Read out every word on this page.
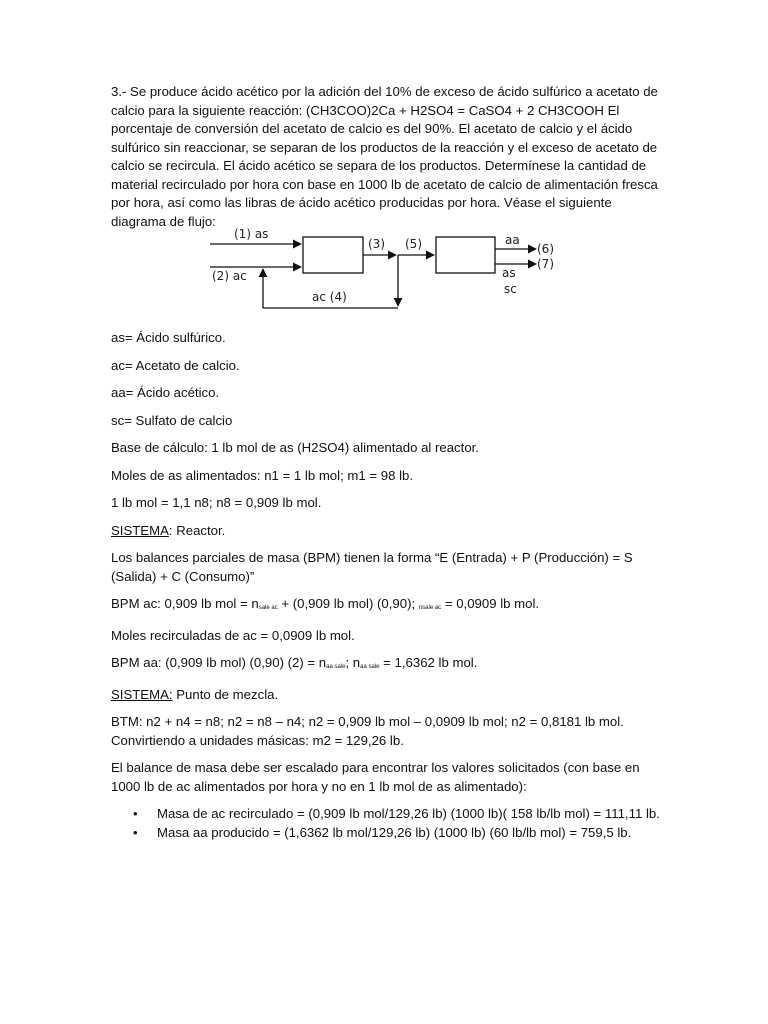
3.- Se produce ácido acético por la adición del 10% de exceso de ácido sulfúrico a acetato de calcio para la siguiente reacción: (CH3COO)2Ca + H2SO4 = CaSO4 + 2 CH3COOH El porcentaje de conversión del acetato de calcio es del 90%. El acetato de calcio y el ácido sulfúrico sin reaccionar, se separan de los productos de la reacción y el exceso de acetato de calcio se recircula. El ácido acético se separa de los productos. Determínese la cantidad de material recirculado por hora con base en 1000 lb de acetato de calcio de alimentación fresca por hora, así como las libras de ácido acético producidas por hora. Véase el siguiente diagrama de flujo:

(1) as
(2) ac
(3) (5)
ac (4)
aa
(6)
(7)
as
sc

as= Ácido sulfúrico.

ac= Acetato de calcio.

aa= Ácido acético.

sc= Sulfato de calcio

Base de cálculo: 1 lb mol de as (H2SO4) alimentado al reactor.

Moles de as alimentados: n1 = 1 lb mol; m1 = 98 lb.

1 lb mol = 1,1 n8; n8 = 0,909 lb mol.

SISTEMA: Reactor.

Los balances parciales de masa (BPM) tienen la forma “E (Entrada) + P (Producción) = S (Salida) + C (Consumo)”

BPM ac: 0,909 lb mol = nsale ac + (0,909 lb mol) (0,90); nsale ac = 0,0909 lb mol.

Moles recirculadas de ac = 0,0909 lb mol.

BPM aa: (0,909 lb mol) (0,90) (2) = naa sale; naa sale = 1,6362 lb mol.

SISTEMA: Punto de mezcla.

BTM: n2 + n4 = n8; n2 = n8 – n4; n2 = 0,909 lb mol – 0,0909 lb mol; n2 = 0,8181 lb mol.
Convirtiendo a unidades másicas: m2 = 129,26 lb.

El balance de masa debe ser escalado para encontrar los valores solicitados (con base en 1000 lb de ac alimentados por hora y no en 1 lb mol de as alimentado):

• Masa de ac recirculado = (0,909 lb mol/129,26 lb) (1000 lb)( 158 lb/lb mol) = 111,11 lb.
• Masa aa producido = (1,6362 lb mol/129,26 lb) (1000 lb) (60 lb/lb mol) = 759,5 lb.
